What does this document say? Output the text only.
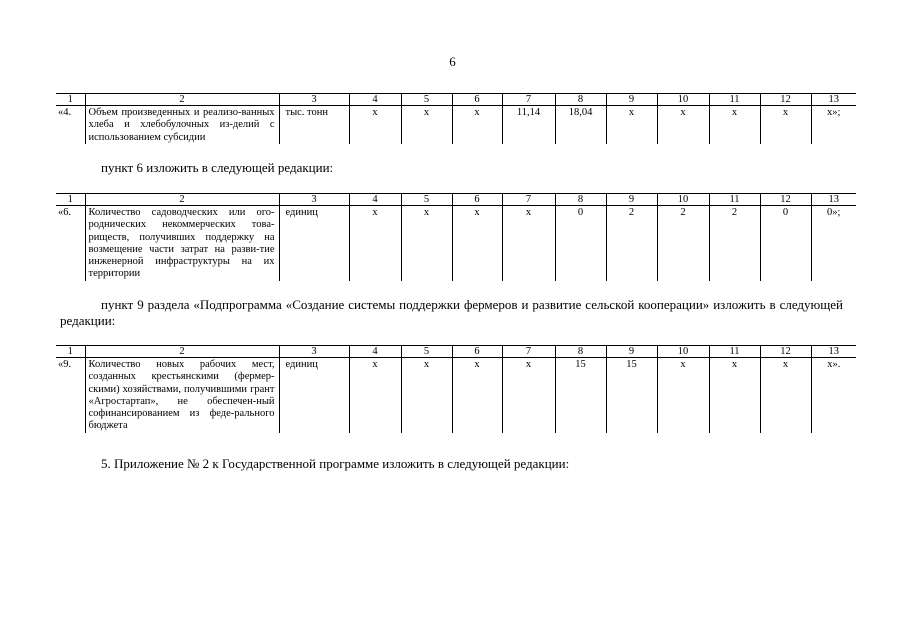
6
1	2	3	4	5	6	7	8	9	10	11	12	13
«4.	Объем произведенных и реализо-ванных хлеба и хлебобулочных из-делий с использованием субсидии	тыс. тонн	х	х	х	11,14	18,04	х	х	х	х	х»;

пункт 6 изложить в следующей редакции:

1	2	3	4	5	6	7	8	9	10	11	12	13
«6.	Количество садоводческих или ого-роднических некоммерческих това-риществ, получивших поддержку на возмещение части затрат на разви-тие инженерной инфраструктуры на их территории	единиц	х	х	х	х	0	2	2	2	0	0»;

пункт 9 раздела «Подпрограмма «Создание системы поддержки фермеров и развитие сельской кооперации» изложить в следующей редакции:

1	2	3	4	5	6	7	8	9	10	11	12	13
«9.	Количество новых рабочих мест, созданных крестьянскими (фермер-скими) хозяйствами, получившими грант «Агростартап», не обеспечен-ный софинансированием из феде-рального бюджета	единиц	х	х	х	х	15	15	х	х	х	х».

5. Приложение № 2 к Государственной программе изложить в следующей редакции:
